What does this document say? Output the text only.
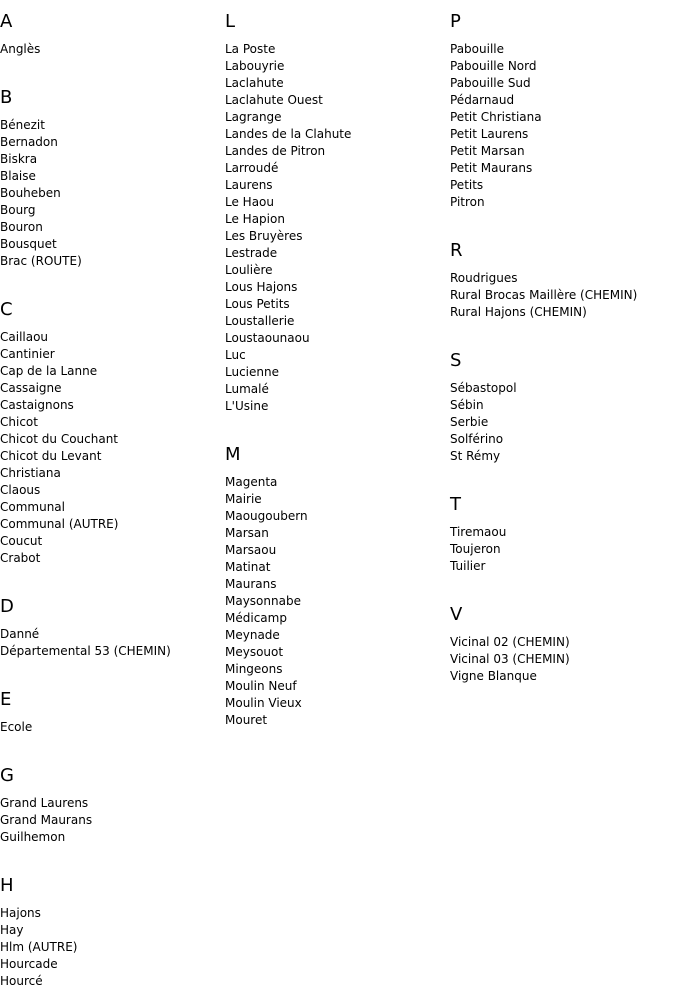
A
Anglès
B
Bénezit
Bernadon
Biskra
Blaise
Bouheben
Bourg
Bouron
Bousquet
Brac (ROUTE)
C
Caillaou
Cantinier
Cap de la Lanne
Cassaigne
Castaignons
Chicot
Chicot du Couchant
Chicot du Levant
Christiana
Claous
Communal
Communal (AUTRE)
Coucut
Crabot
D
Danné
Départemental 53 (CHEMIN)
E
Ecole
G
Grand Laurens
Grand Maurans
Guilhemon
H
Hajons
Hay
Hlm (AUTRE)
Hourcade
Hourcé
L
La Poste
Labouyrie
Laclahute
Laclahute Ouest
Lagrange
Landes de la Clahute
Landes de Pitron
Larroudé
Laurens
Le Haou
Le Hapion
Les Bruyères
Lestrade
Loulière
Lous Hajons
Lous Petits
Loustallerie
Loustaounaou
Luc
Lucienne
Lumalé
L'Usine
M
Magenta
Mairie
Maougoubern
Marsan
Marsaou
Matinat
Maurans
Maysonnabe
Médicamp
Meynade
Meysouot
Mingeons
Moulin Neuf
Moulin Vieux
Mouret
P
Pabouille
Pabouille Nord
Pabouille Sud
Pédarnaud
Petit Christiana
Petit Laurens
Petit Marsan
Petit Maurans
Petits
Pitron
R
Roudrigues
Rural Brocas Maillère (CHEMIN)
Rural Hajons (CHEMIN)
S
Sébastopol
Sébin
Serbie
Solférino
St Rémy
T
Tiremaou
Toujeron
Tuilier
V
Vicinal 02 (CHEMIN)
Vicinal 03 (CHEMIN)
Vigne Blanque
